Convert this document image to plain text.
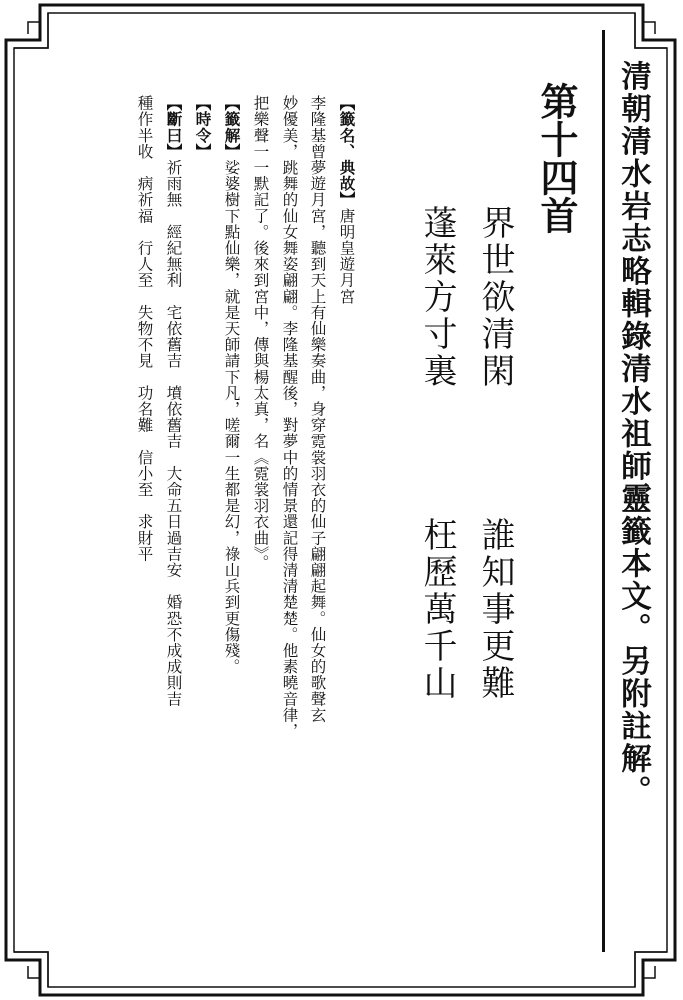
清朝清水岩志略輯錄清水祖師靈籤本文。另附註解。
第十四首
界世欲清閑
誰知事更難
蓬萊方寸裏
枉歷萬千山
【籤名、典故】唐明皇遊月宮
李隆基曾夢遊月宮，聽到天上有仙樂奏曲，身穿霓裳羽衣的仙子翩翩起舞。仙女的歌聲玄
妙優美，跳舞的仙女舞姿翩翩。李隆基醒後，對夢中的情景還記得清清楚楚。他素曉音律，
把樂聲一一默記了。後來到宮中，傳與楊太真，名《霓裳羽衣曲》。
【籤解】娑婆樹下點仙樂，就是天師請下凡，嗟爾一生都是幻，祿山兵到更傷殘。
【時令】
【斷曰】祈雨無　經紀無利　宅依舊吉　墳依舊吉　大命五日過吉安　婚恐不成成則吉
種作半收　病祈福　行人至　失物不見　功名難　信小至　求財平
